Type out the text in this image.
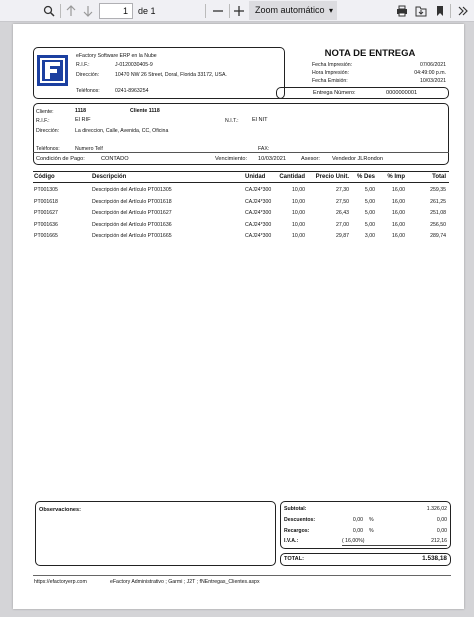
1	de 1	Zoom automático ▾
eFactory Software ERP en la Nube
R.I.F.:	J-0120030405-9
Dirección:	10470 NW 26 Street, Doral, Florida 33172, USA.
Teléfonos:	0241-8963254
NOTA DE ENTREGA
Fecha Impresión:	07/06/2021
Hora Impresión:	04:49:00 p.m.
Fecha Emisión:	10/03/2021
Entrega Número:	0000000001
Cliente:	1118	Cliente 1118
R.I.F.:	El RIF	N.I.T.: El NIT
Dirección:	La direccion, Calle, Avenida, CC, Oficina
Teléfonos:	Numero Telf	FAX:
Condición de Pago:	CONTADO	Vencimiento: 10/03/2021	Asesor: Vendedor JLRondon
Código	Descripción	Unidad	Cantidad	Precio Unit.	% Des	% Imp	Total
PT001305	Descripción del Artículo PT001305	CAJ24*300	10,00	27,30	5,00	16,00	259,35
PT001618	Descripción del Artículo PT001618	CAJ24*300	10,00	27,50	5,00	16,00	261,25
PT001627	Descripción del Artículo PT001627	CAJ24*300	10,00	26,43	5,00	16,00	251,08
PT001636	Descripción del Artículo PT001636	CAJ24*300	10,00	27,00	5,00	16,00	256,50
PT001665	Descripción del Artículo PT001665	CAJ24*300	10,00	29,87	3,00	16,00	289,74
Observaciones:	Subtotal:	1.326,02
Descuentos:	0,00 %	0,00
Recargos:	0,00 %	0,00
I.V.A.:	( 16,00%)	212,16
TOTAL:	1.538,18
https://efactoryerp.com	eFactory Administrativo ; Garmi ; J2T ; fNEntregas_Clientes.aspx
